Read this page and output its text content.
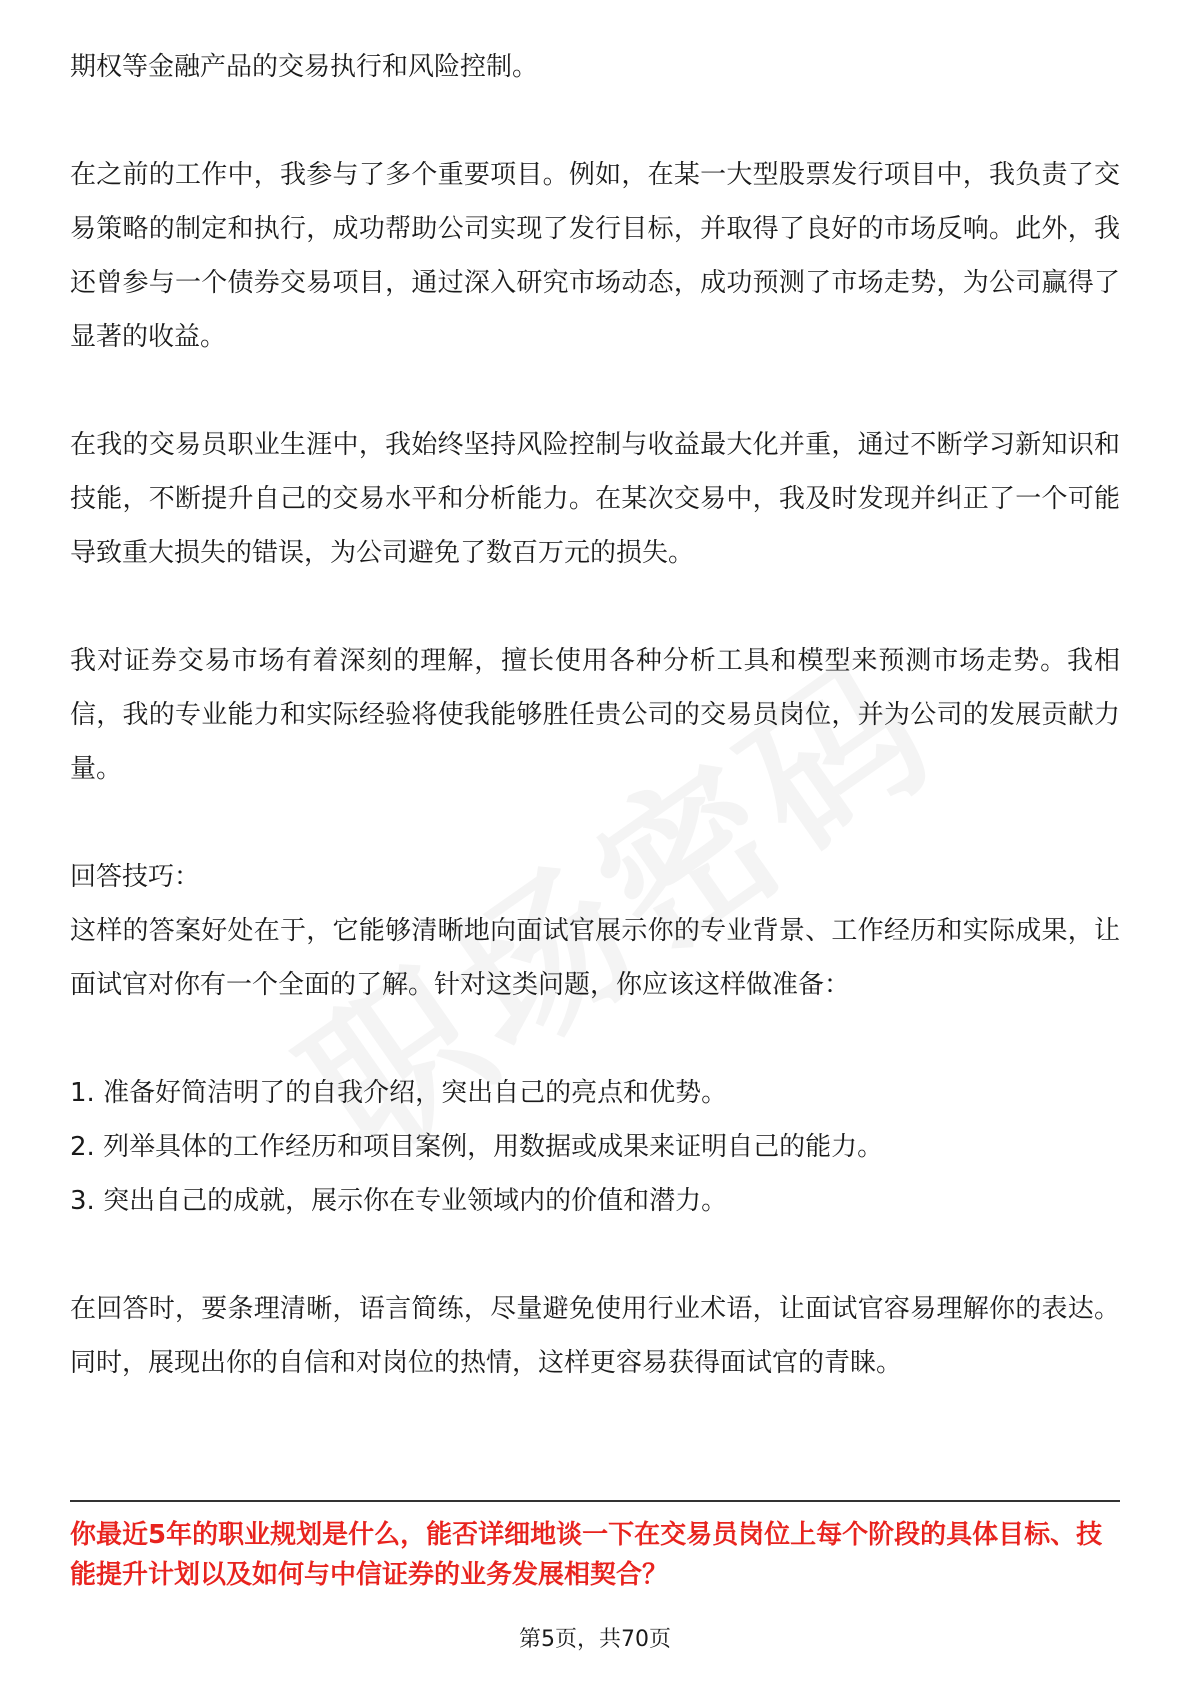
期权等金融产品的交易执行和风险控制。

在之前的工作中，我参与了多个重要项目。例如，在某一大型股票发行项目中，我负责了交易策略的制定和执行，成功帮助公司实现了发行目标，并取得了良好的市场反响。此外，我还曾参与一个债券交易项目，通过深入研究市场动态，成功预测了市场走势，为公司赢得了显著的收益。

在我的交易员职业生涯中，我始终坚持风险控制与收益最大化并重，通过不断学习新知识和技能，不断提升自己的交易水平和分析能力。在某次交易中，我及时发现并纠正了一个可能导致重大损失的错误，为公司避免了数百万元的损失。

我对证券交易市场有着深刻的理解，擅长使用各种分析工具和模型来预测市场走势。我相信，我的专业能力和实际经验将使我能够胜任贵公司的交易员岗位，并为公司的发展贡献力量。

回答技巧：

这样的答案好处在于，它能够清晰地向面试官展示你的专业背景、工作经历和实际成果，让面试官对你有一个全面的了解。针对这类问题，你应该这样做准备：

1. 准备好简洁明了的自我介绍，突出自己的亮点和优势。

2. 列举具体的工作经历和项目案例，用数据或成果来证明自己的能力。

3. 突出自己的成就，展示你在专业领域内的价值和潜力。

在回答时，要条理清晰，语言简练，尽量避免使用行业术语，让面试官容易理解你的表达。同时，展现出你的自信和对岗位的热情，这样更容易获得面试官的青睐。

你最近5年的职业规划是什么，能否详细地谈一下在交易员岗位上每个阶段的具体目标、技能提升计划以及如何与中信证券的业务发展相契合？

第5页，共70页
